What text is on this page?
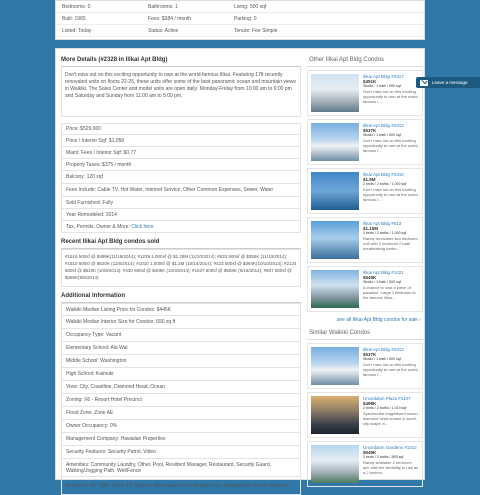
Bedrooms: 0	Bathrooms: 1	Living: 500 sqf
Built: 1965	Fees: $384 / month	Parking: 0
Listed: Today	Status: Active	Tenure: Fee Simple
More Details (#2328 in Ilikai Apt Bldg)
Don't miss out on this exciting opportunity to own at the world-famous Ilikai. Featuring 17ft recently renovated units on floors 22-25, these units offer some of the best panoramic ocean and mountain views in Waikiki. The Sales Center and model units are open daily: Monday-Friday from 10:00 am to 6:00 pm and Saturday and Sunday from 11:00 am to 5:00 pm.
Price: $529,000
Price / Interior Sqf: $1,058
Maint. Fees / Interior Sqf: $0.77
Property Taxes: $375 / month
Balcony: 120 sqf
Fees Include: Cable TV, Hot Water, Internet Service, Other Common Expenses, Sewer, Water
Sold Furnished: Fully
Year Remodeled: 2014
Tax, Permits, Owner & More:
Click here
Recent Ilikai Apt Bldg condos sold
#1516 500sf @ $499K(11/18/2014); #1239 1,000sf @ $1.28M (11/10/2014); #633 500sf @ $355K (11/10/2014); #1610 500sf @ $520K (11/6/2014); #1010 1,000sf @ $1.2M (10/14/2014); #423 500sf @ $394K(10/10/2014); #2124 500sf @ $610K (10/9/2014); #430 500sf @ $405K (10/3/2014); #1627 500sf @ $558K (9/15/2014); #837 500sf @ $385K(9/5/2014)
Additional Information
Waikiki Median Listing Price for Condos: $445K
Waikiki Median Interior Size for Condos: 690 sq ft
Occupancy Type: Vacant
Elementary School: Ala Wai
Middle School: Washington
High School: Kaimuki
View: City, Coastline, Diamond Head, Ocean
Zoning: X6 - Resort Hotel Precinct
Flood Zone: Zone AE
Owner Occupancy: 0%
Management Company: Hawaiian Properties
Security Features: Security Patrol, Video
Amenities: Community Laundry, Other, Pool, Resident Manager, Restaurant, Security Guard, Walking/Jogging Path, Wet/Fence
Inclusions: AC Split, Cable TV, Drapes, Microwave Hood, Range/Oven, Refrigerator, Smoke Detector
Other Ilikai Apt Bldg Condos
Ilikai Apt Bldg #2317
$451K
Studio / 1 bath / 500 sqf
Don't miss out on this exciting opportunity to own at the world-famous I...
Ilikai Apt Bldg #2312
$537K
Studio / 1 bath / 500 sqf
Don't miss out on this exciting opportunity to own at the world-famous I...
Ilikai Apt Bldg #2310
$1.9M
2 beds / 2 baths / 1,000 sqf
Don't miss out on this exciting opportunity to own at the world-famous I...
Ilikai Apt Bldg #513
$1.15M
2 beds / 2 baths / 1,000 sqf
Rarely renovated two bedroom unit with 2 bedroom 2 bath breathtaking harbo...
Ilikai Apt Bldg #1421
$549K
Studio / 1 bath / 500 sqf
A chance to own a piece of paradise. Large 1 Bedroom in the famous Ilikai...
see all Ilikai Apt Bldg condos for sale ›
Similar Waikiki Condos
Ilikai Apt Bldg #2312
$537K
Studio / 1 bath / 500 sqf
Don't miss out on this exciting opportunity to own at the world-famous I...
Uncedalon Plaza #1107
$498K
2 beds / 2 baths / 1,019 sqf
Spectacular magnificent ocean, diamond head sunset & world-city scape vi...
Uncedalon Gardens #1012
$549K
2 beds / 2 baths / 895 sqf
Rarely available 2 bedroom apt. with the flexibility to use as a 2 bedroo...
Leave a message
